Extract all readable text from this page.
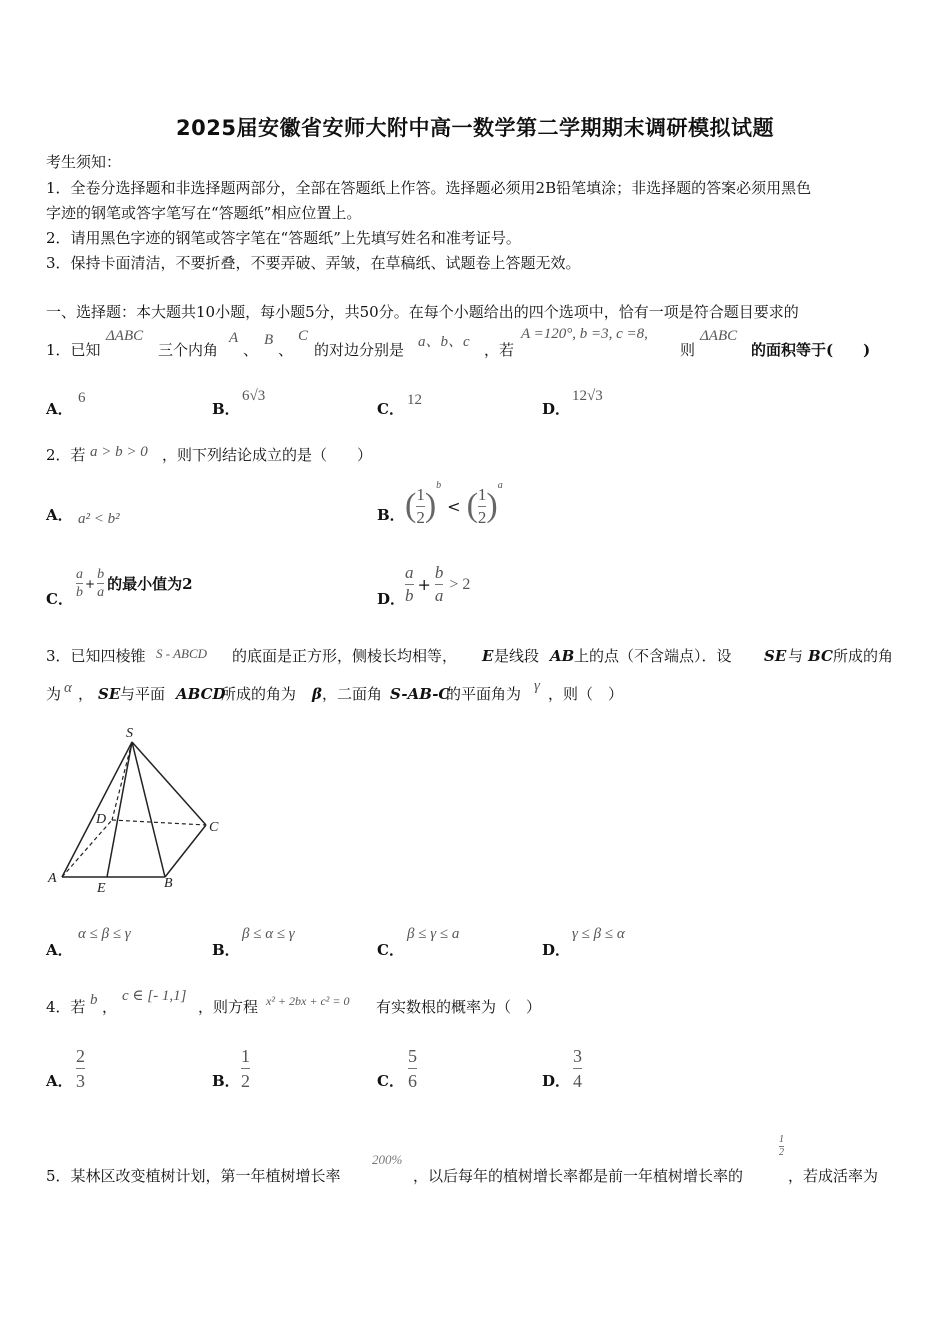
2025届安徽省安师大附中高一数学第二学期期末调研模拟试题
考生须知：
1．全卷分选择题和非选择题两部分，全部在答题纸上作答。选择题必须用2B铅笔填涂；非选择题的答案必须用黑色
字迹的钢笔或答字笔写在“答题纸”相应位置上。
2．请用黑色字迹的钢笔或答字笔在“答题纸”上先填写姓名和准考证号。
3．保持卡面清洁，不要折叠，不要弄破、弄皱，在草稿纸、试题卷上答题无效。
一、选择题：本大题共10小题，每小题5分，共50分。在每个小题给出的四个选项中，恰有一项是符合题目要求的
1．已知
ΔABC
三个内角
A
、
B
、
C
的对边分别是 a、b、c ，若
A =120°, b =3, c =8,
则
ΔABC
的面积等于(　　)
A．
6
B．
6√3
C． 12	D．
12√3
2．若 a > b > 0 ，则下列结论成立的是（　　）
A． a² < b²	B． ( $\frac{1}{2}$ )
b
< ( $\frac{1}{2}$ )
a
C． $\frac{a}{b} + \frac{b}{a}$ 的最小值为2
D． $\frac{a}{b} + \frac{b}{a} > 2$
3．已知四棱锥 S - ABCD 的底面是正方形，侧棱长均相等， E 是线段 AB 上的点（不含端点）．设 SE 与 BC 所成的角
为 α ， SE 与平面 ABCD
所成的角为 β ，二面角 S-AB-C
的平面角为 γ ，则（　）
S
D
C
A
E	B
A．
α ≤ β ≤ γ
B．
β ≤ α ≤ γ
C．
β ≤ γ ≤ a
D．
γ ≤ β ≤ α
4．若 b ，
c ∈ [- 1,1]
，则方程 x² + 2bx + c² = 0 有实数根的概率为（　）
A．
2
3	B．
1
2	C．
5
6	D．
3
4
5．某林区改变植树计划，第一年植树增长率
200%
，以后每年的植树增长率都是前一年植树增长率的
1
2
，若成活率为
